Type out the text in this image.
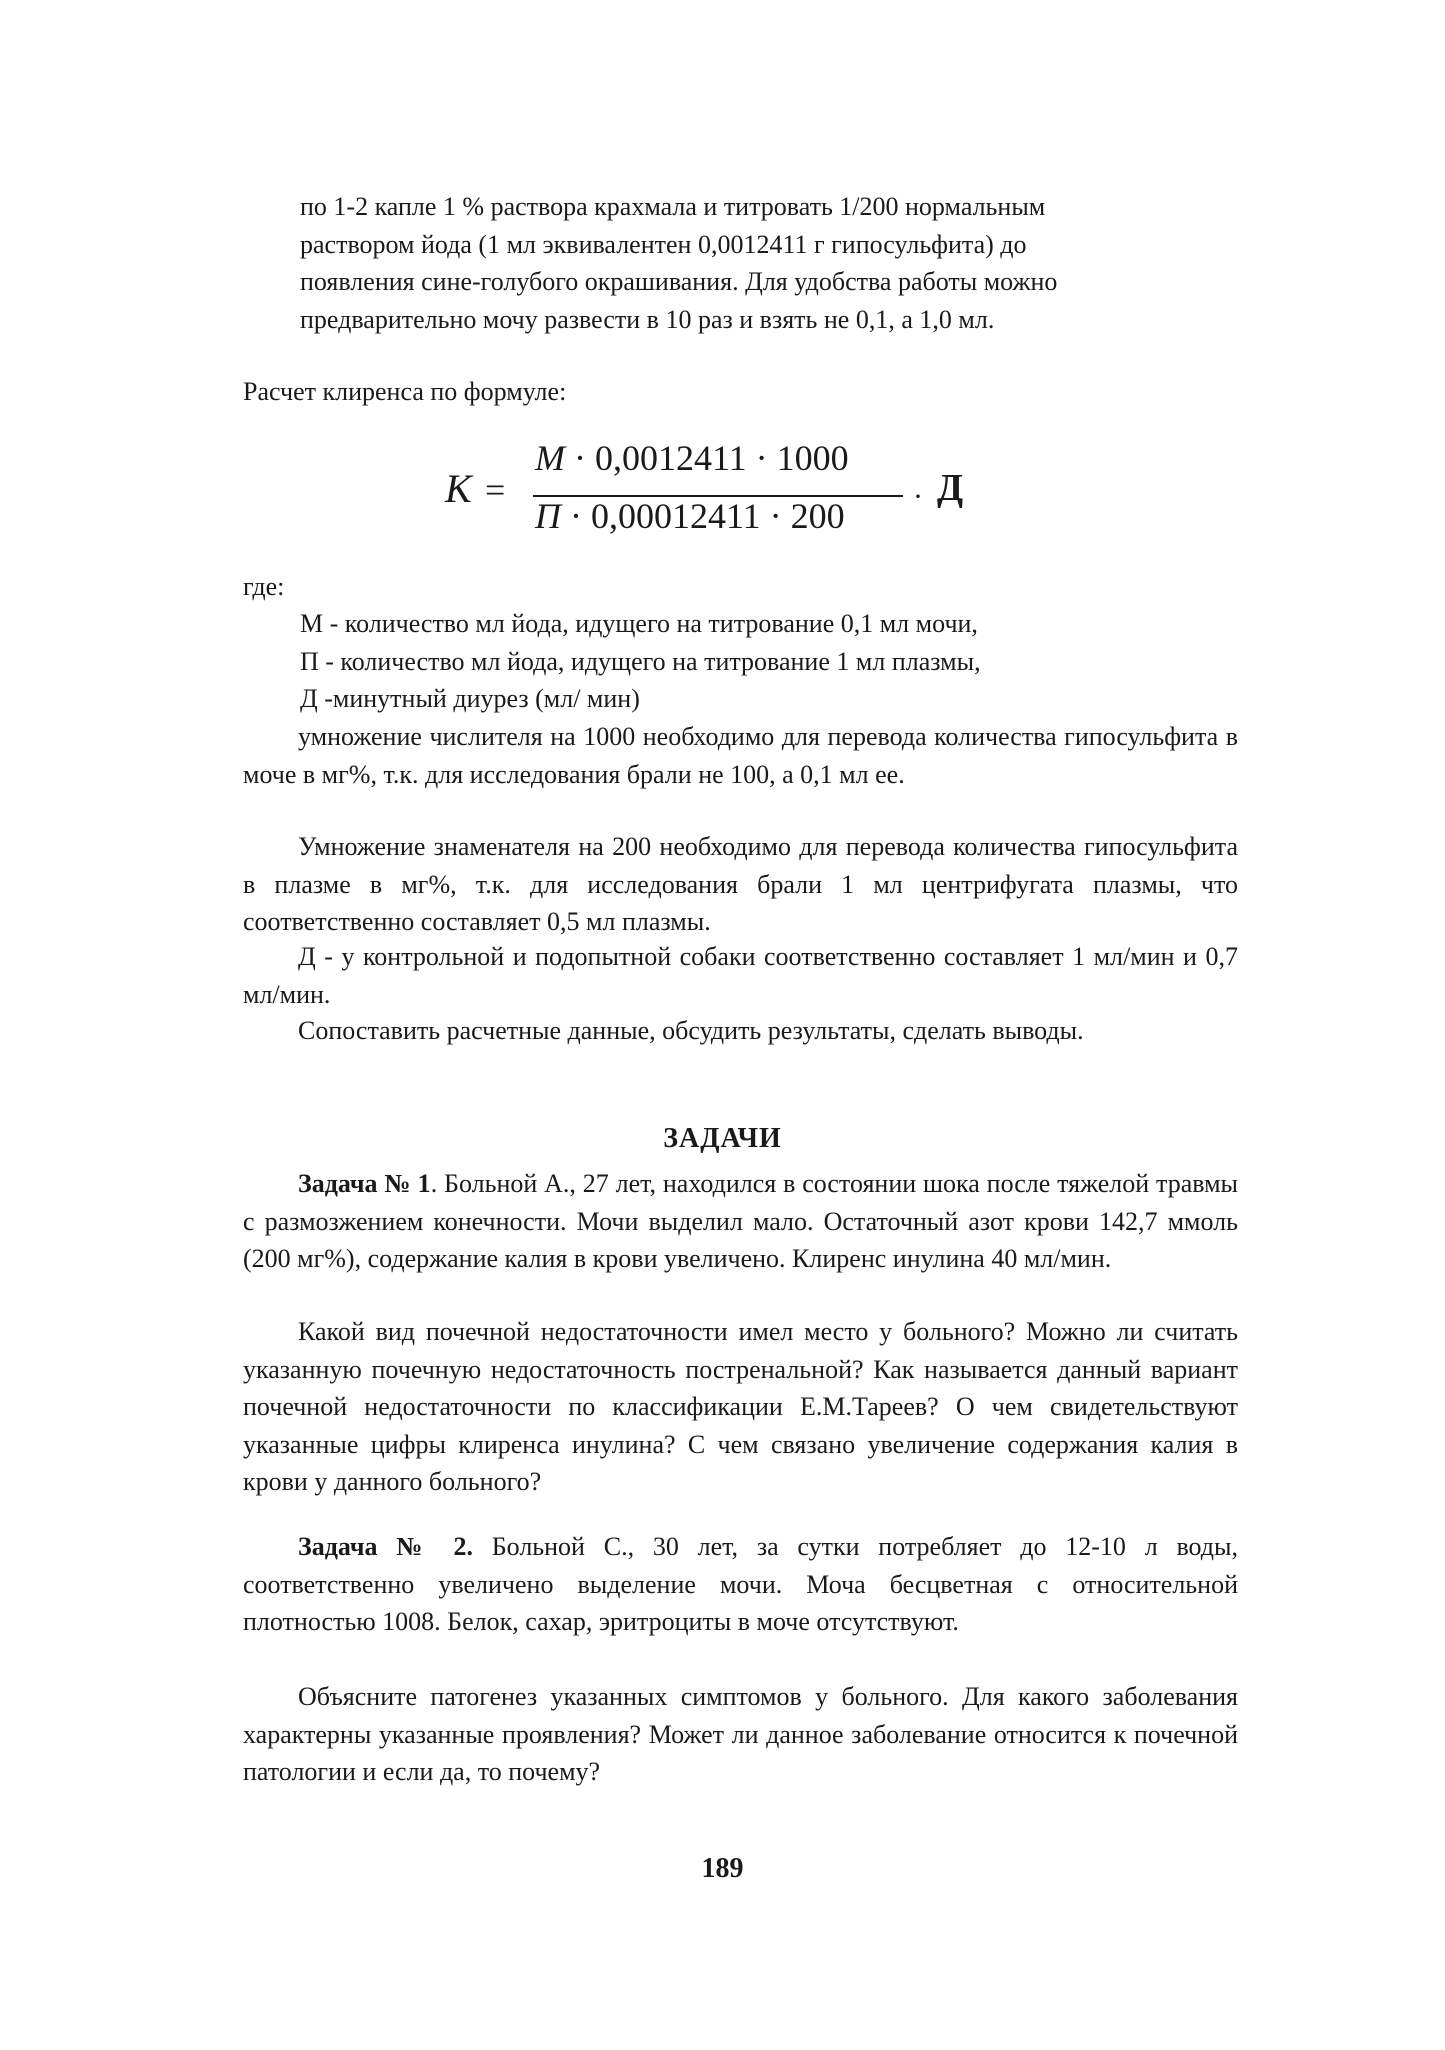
по 1-2 капле 1 % раствора крахмала и титровать 1/200 нормальным
раствором йода (1 мл эквивалентен 0,0012411 г гипосульфита) до
появления сине-голубого окрашивания. Для удобства работы можно
предварительно мочу развести в 10 раз и взять не 0,1, а 1,0 мл.
Расчет клиренса по формуле:
К =
М · 0,0012411 · 1000
П · 0,00012411 · 200 · Д
где:
М - количество мл йода, идущего на титрование 0,1 мл мочи,
П - количество мл йода, идущего на титрование 1 мл плазмы,
Д -минутный диурез (мл/ мин)
умножение числителя на 1000 необходимо для перевода количества гипосульфита в моче в мг%, т.к. для исследования брали не 100, а 0,1 мл ее.
Умножение знаменателя на 200 необходимо для перевода количества гипосульфита в плазме в мг%, т.к. для исследования брали 1 мл центрифугата плазмы, что соответственно составляет 0,5 мл плазмы.
Д - у контрольной и подопытной собаки соответственно составляет 1 мл/мин и 0,7 мл/мин.
Сопоставить расчетные данные, обсудить результаты, сделать выводы.
ЗАДАЧИ
Задача № 1. Больной А., 27 лет, находился в состоянии шока после тяжелой травмы с размозжением конечности. Мочи выделил мало. Остаточный азот крови 142,7 ммоль (200 мг%), содержание калия в крови увеличено. Клиренс инулина 40 мл/мин.
Какой вид почечной недостаточности имел место у больного? Можно ли считать указанную почечную недостаточность постренальной? Как называется данный вариант почечной недостаточности по классификации Е.М.Тареев? О чем свидетельствуют указанные цифры клиренса инулина? С чем связано увеличение содержания калия в крови у данного больного?
Задача № 2. Больной С., 30 лет, за сутки потребляет до 12-10 л воды, соответственно увеличено выделение мочи. Моча бесцветная с относительной плотностью 1008. Белок, сахар, эритроциты в моче отсутствуют.
Объясните патогенез указанных симптомов у больного. Для какого заболевания характерны указанные проявления? Может ли данное заболевание относится к почечной патологии и если да, то почему?
189
